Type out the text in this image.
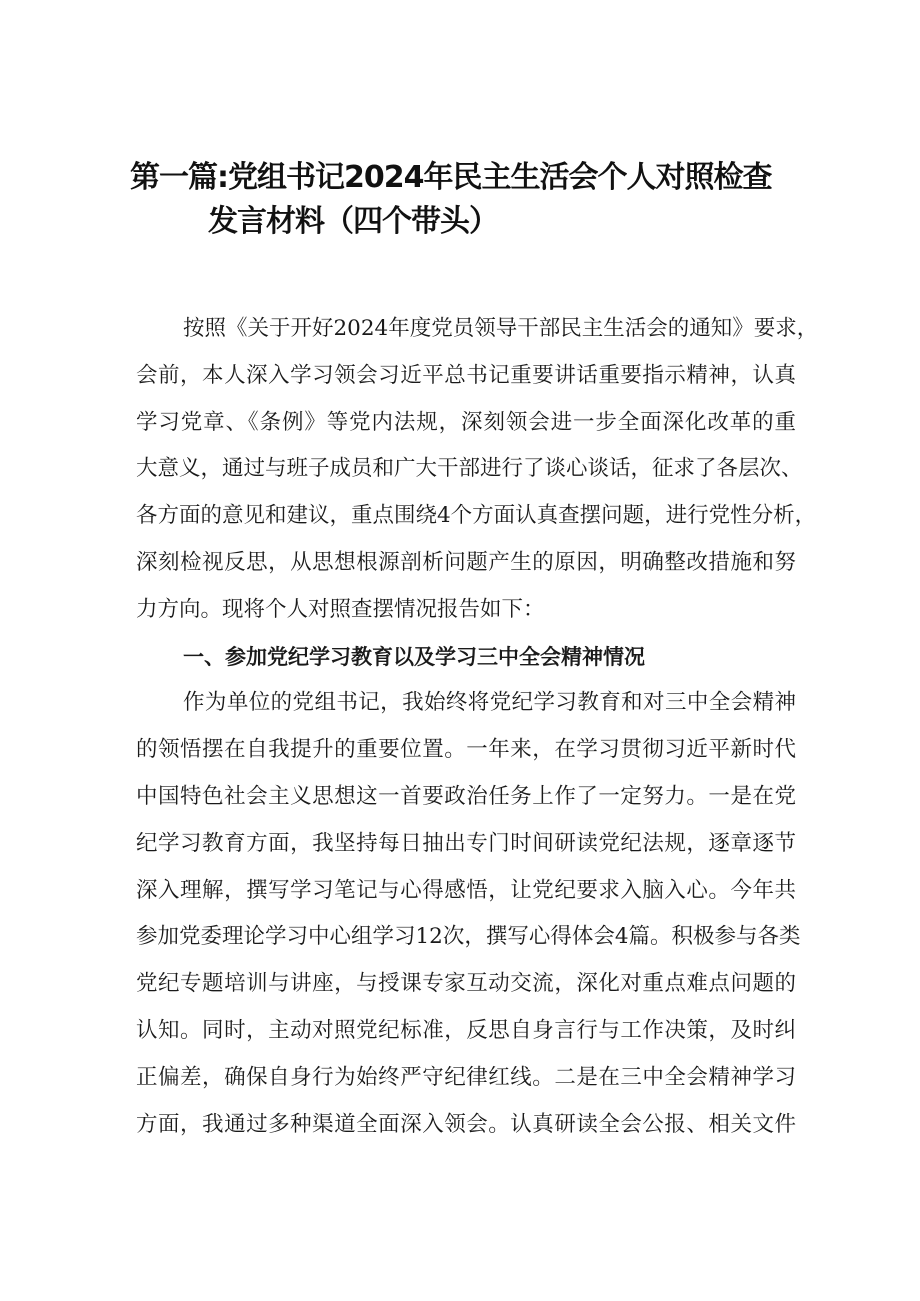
第一篇:党组书记2024年民主生活会个人对照检查
发言材料（四个带头）
按照《关于开好2024年度党员领导干部民主生活会的通知》要求，
会前，本人深入学习领会习近平总书记重要讲话重要指示精神，认真
学习党章、《条例》等党内法规，深刻领会进一步全面深化改革的重
大意义，通过与班子成员和广大干部进行了谈心谈话，征求了各层次、
各方面的意见和建议，重点围绕4个方面认真查摆问题，进行党性分析，
深刻检视反思，从思想根源剖析问题产生的原因，明确整改措施和努
力方向。现将个人对照查摆情况报告如下：
一、参加党纪学习教育以及学习三中全会精神情况
作为单位的党组书记，我始终将党纪学习教育和对三中全会精神
的领悟摆在自我提升的重要位置。一年来，在学习贯彻习近平新时代
中国特色社会主义思想这一首要政治任务上作了一定努力。一是在党
纪学习教育方面，我坚持每日抽出专门时间研读党纪法规，逐章逐节
深入理解，撰写学习笔记与心得感悟，让党纪要求入脑入心。今年共
参加党委理论学习中心组学习12次，撰写心得体会4篇。积极参与各类
党纪专题培训与讲座，与授课专家互动交流，深化对重点难点问题的
认知。同时，主动对照党纪标准，反思自身言行与工作决策，及时纠
正偏差，确保自身行为始终严守纪律红线。二是在三中全会精神学习
方面，我通过多种渠道全面深入领会。认真研读全会公报、相关文件
